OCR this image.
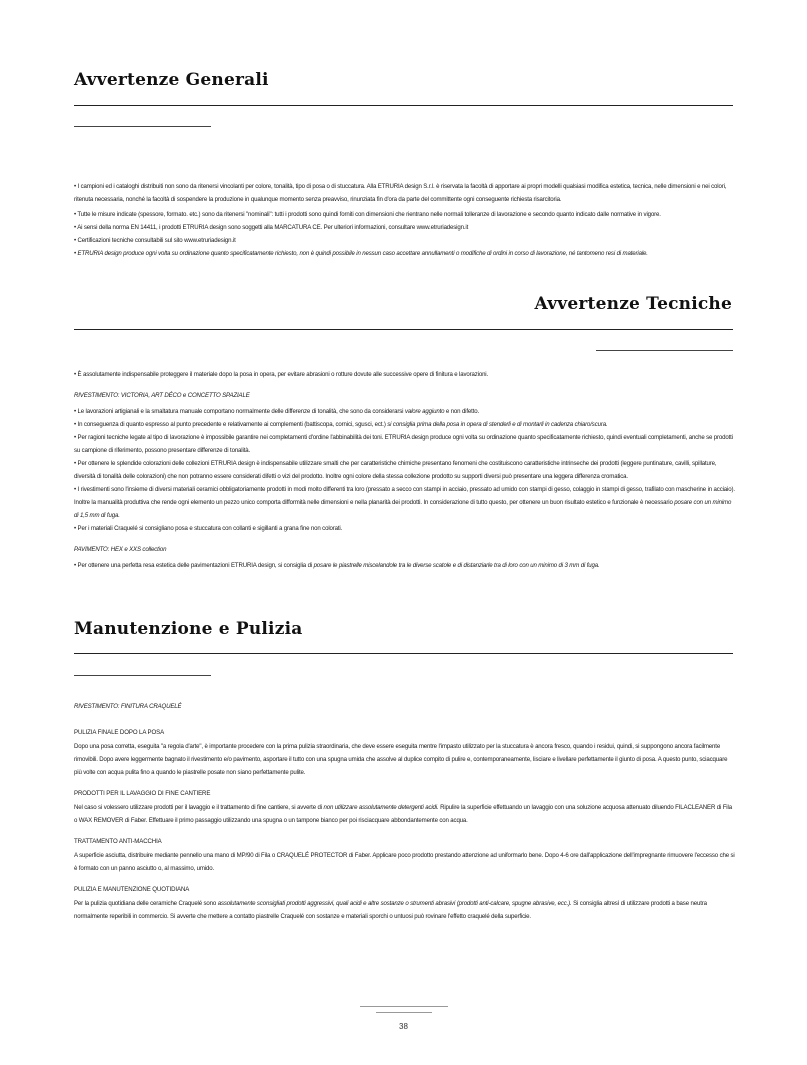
Avvertenze Generali

• I campioni ed i cataloghi distribuiti non sono da ritenersi vincolanti per colore, tonalità, tipo di posa o di stuccatura. Alla ETRURIA design S.r.l. è riservata la facoltà di apportare ai propri modelli qualsiasi modifica estetica, tecnica, nelle dimensioni e nei colori, ritenuta necessaria, nonché la facoltà di sospendere la produzione in qualunque momento senza preavviso, rinunziata fin d'ora da parte del committente ogni conseguente richiesta risarcitoria.

• Tutte le misure indicate (spessore, formato. etc.) sono da ritenersi "nominali": tutti i prodotti sono quindi forniti con dimensioni che rientrano nelle normali tolleranze di lavorazione e secondo quanto indicato dalle normative in vigore.

• Ai sensi della norma EN 14411, i prodotti ETRURIA design sono soggetti alla MARCATURA CE. Per ulteriori informazioni, consultare www.etruriadesign.it

• Certificazioni tecniche consultabili sul sito www.etruriadesign.it

• ETRURIA design produce ogni volta su ordinazione quanto specificatamente richiesto, non è quindi possibile in nessun caso accettare annullamenti o modifiche di ordini in corso di lavorazione, né tantomeno resi di materiale.

Avvertenze Tecniche

• È assolutamente indispensabile proteggere il materiale dopo la posa in opera, per evitare abrasioni o rotture dovute alle successive opere di finitura e lavorazioni.

RIVESTIMENTO: VICTORIA, ART DÉCO e CONCETTO SPAZIALE

• Le lavorazioni artigianali e la smaltatura manuale comportano normalmente delle differenze di tonalità, che sono da considerarsi valore aggiunto e non difetto.

• In conseguenza di quanto espresso al punto precedente e relativamente ai complementi (battiscopa, cornici, sgusci, ect.) si consiglia prima della posa in opera di stenderli e di montarli in cadenza chiaro/scura.

• Per ragioni tecniche legate al tipo di lavorazione è impossibile garantire nei completamenti d'ordine l'abbinabilità dei toni. ETRURIA design produce ogni volta su ordinazione quanto specificatamente richiesto, quindi eventuali completamenti, anche se prodotti su campione di riferimento, possono presentare differenze di tonalità.

• Per ottenere le splendide colorazioni delle collezioni ETRURIA design è indispensabile utilizzare smalti che per caratteristiche chimiche presentano fenomeni che costituiscono caratteristiche intrinseche dei prodotti (leggere puntinature, cavilli, spillature, diversità di tonalità delle colorazioni) che non potranno essere considerati difetti o vizi del prodotto. Inoltre ogni colore della stessa collezione prodotto su supporti diversi può presentare una leggera differenza cromatica.

• I rivestimenti sono l'insieme di diversi materiali ceramici obbligatoriamente prodotti in modi molto differenti tra loro (pressato a secco con stampi in acciaio, pressato ad umido con stampi di gesso, colaggio in stampi di gesso, trafilato con mascherine in acciaio). Inoltre la manualità produttiva che rende ogni elemento un pezzo unico comporta difformità nelle dimensioni e nella planarità dei prodotti. In considerazione di tutto questo, per ottenere un buon risultato estetico e funzionale è necessario posare con un minimo di 1,5 mm di fuga.

• Per i materiali Craquelé si consigliano posa e stuccatura con collanti e sigillanti a grana fine non colorati.

PAVIMENTO: HEX e XXS collection

• Per ottenere una perfetta resa estetica delle pavimentazioni ETRURIA design, si consiglia di posare le piastrelle miscelandole tra le diverse scatole e di distanziarle tra di loro con un minimo di 3 mm di fuga.

Manutenzione e Pulizia

RIVESTIMENTO: FINITURA CRAQUELÉ

PULIZIA FINALE DOPO LA POSA

Dopo una posa corretta, eseguita "a regola d'arte", è importante procedere con la prima pulizia straordinaria, che deve essere eseguita mentre l'impasto utilizzato per la stuccatura è ancora fresco, quando i residui, quindi, si suppongono ancora facilmente rimovibili. Dopo avere leggermente bagnato il rivestimento e/o pavimento, asportare il tutto con una spugna umida che assolve al duplice compito di pulire e, contemporaneamente, lisciare e livellare perfettamente il giunto di posa. A questo punto, sciacquare più volte con acqua pulita fino a quando le piastrelle posate non siano perfettamente pulite.

PRODOTTI PER IL LAVAGGIO DI FINE CANTIERE

Nel caso si volessero utilizzare prodotti per il lavaggio e il trattamento di fine cantiere, si avverte di non utilizzare assolutamente detergenti acidi. Ripulire la superficie effettuando un lavaggio con una soluzione acquosa attenuato diluendo FILACLEANER di Fila o WAX REMOVER di Faber. Effettuare il primo passaggio utilizzando una spugna o un tampone bianco per poi risciacquare abbondantemente con acqua.

TRATTAMENTO ANTI-MACCHIA

A superficie asciutta, distribuire mediante pennello una mano di MP/90 di Fila o CRAQUELÉ PROTECTOR di Faber. Applicare poco prodotto prestando attenzione ad uniformarlo bene. Dopo 4-6 ore dall'applicazione dell'impregnante rimuovere l'eccesso che si è formato con un panno asciutto o, al massimo, umido.

PULIZIA E MANUTENZIONE QUOTIDIANA

Per la pulizia quotidiana delle ceramiche Craquelé sono assolutamente sconsigliati prodotti aggressivi, quali acidi e altre sostanze o strumenti abrasivi (prodotti anti-calcare, spugne abrasive, ecc.). Si consiglia altresì di utilizzare prodotti a base neutra normalmente reperibili in commercio. Si avverte che mettere a contatto piastrelle Craquelé con sostanze e materiali sporchi o untuosi può rovinare l'effetto craquelé della superficie.

38
